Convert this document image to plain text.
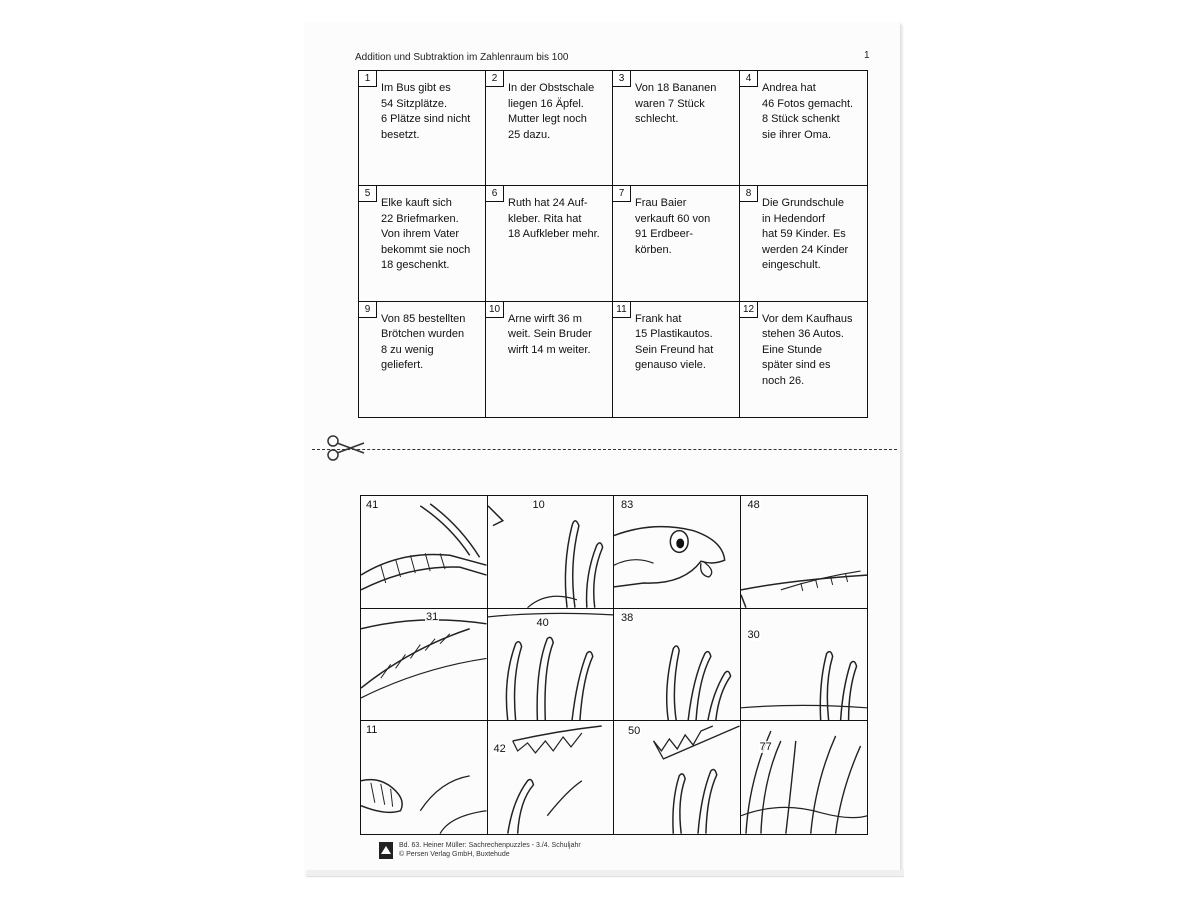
Addition und Subtraktion im Zahlenraum bis 100	1
1
Im Bus gibt es
54 Sitzplätze.
6 Plätze sind nicht
besetzt.
2
In der Obstschale
liegen 16 Äpfel.
Mutter legt noch
25 dazu.
3
Von 18 Bananen
waren 7 Stück
schlecht.
4
Andrea hat
46 Fotos gemacht.
8 Stück schenkt
sie ihrer Oma.
5
Elke kauft sich
22 Briefmarken.
Von ihrem Vater
bekommt sie noch
18 geschenkt.
6
Ruth hat 24 Auf-
kleber. Rita hat
18 Aufkleber mehr.
7
Frau Baier
verkauft 60 von
91 Erdbeer-
körben.
8
Die Grundschule
in Hedendorf
hat 59 Kinder. Es
werden 24 Kinder
eingeschult.
9
Von 85 bestellten
Brötchen wurden
8 zu wenig
geliefert.
10
Arne wirft 36 m
weit. Sein Bruder
wirft 14 m weiter.
11
Frank hat
15 Plastikautos.
Sein Freund hat
genauso viele.
12
Vor dem Kaufhaus
stehen 36 Autos.
Eine Stunde
später sind es
noch 26.
41	10	83	48
31	40	38
30
11
42
50
77
Bd. 63. Heiner Müller: Sachrechenpuzzles - 3./4. Schuljahr
© Persen Verlag GmbH, Buxtehude
